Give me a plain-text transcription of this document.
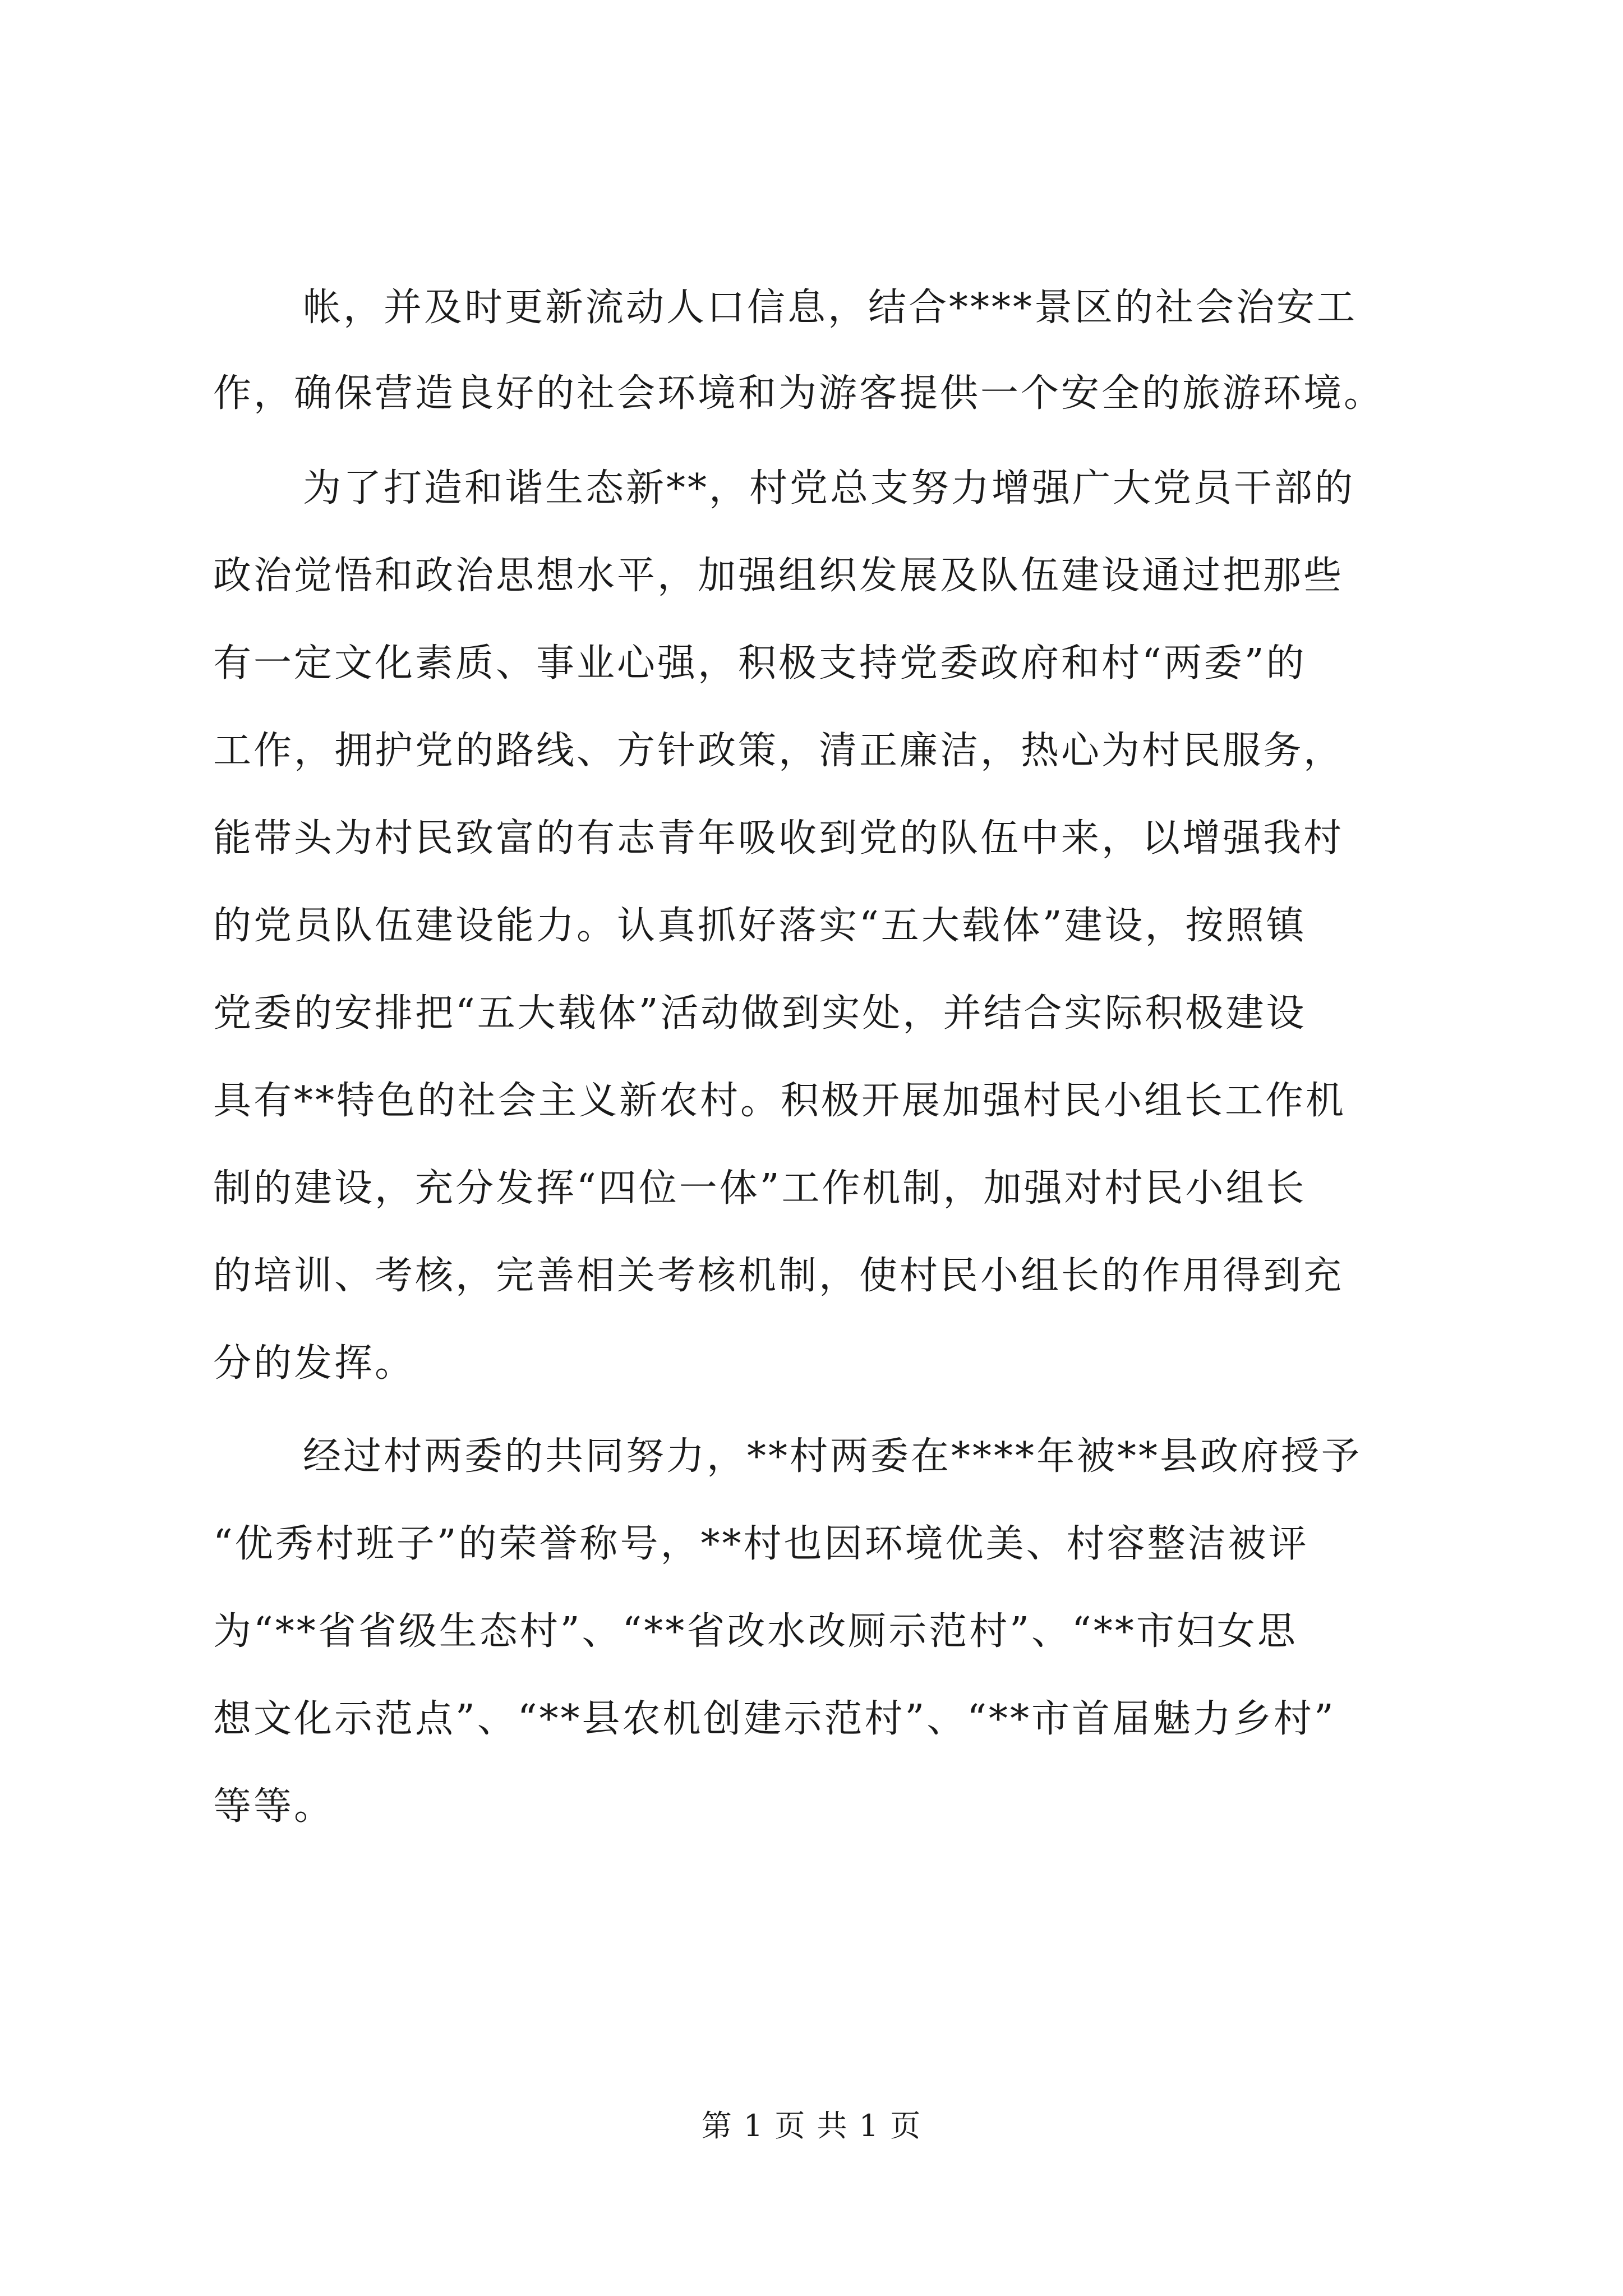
帐，并及时更新流动人口信息，结合****景区的社会治安工
作，确保营造良好的社会环境和为游客提供一个安全的旅游环境。
为了打造和谐生态新**，村党总支努力增强广大党员干部的
政治觉悟和政治思想水平，加强组织发展及队伍建设通过把那些
有一定文化素质、事业心强，积极支持党委政府和村“两委”的
工作，拥护党的路线、方针政策，清正廉洁，热心为村民服务，
能带头为村民致富的有志青年吸收到党的队伍中来，以增强我村
的党员队伍建设能力。认真抓好落实“五大载体”建设，按照镇
党委的安排把“五大载体”活动做到实处，并结合实际积极建设
具有**特色的社会主义新农村。积极开展加强村民小组长工作机
制的建设，充分发挥“四位一体”工作机制，加强对村民小组长
的培训、考核，完善相关考核机制，使村民小组长的作用得到充
分的发挥。
经过村两委的共同努力，**村两委在****年被**县政府授予
“优秀村班子”的荣誉称号，**村也因环境优美、村容整洁被评
为“**省省级生态村”、“**省改水改厕示范村”、“**市妇女思
想文化示范点”、“**县农机创建示范村”、“**市首届魅力乡村”
等等。
第 1 页 共 1 页
